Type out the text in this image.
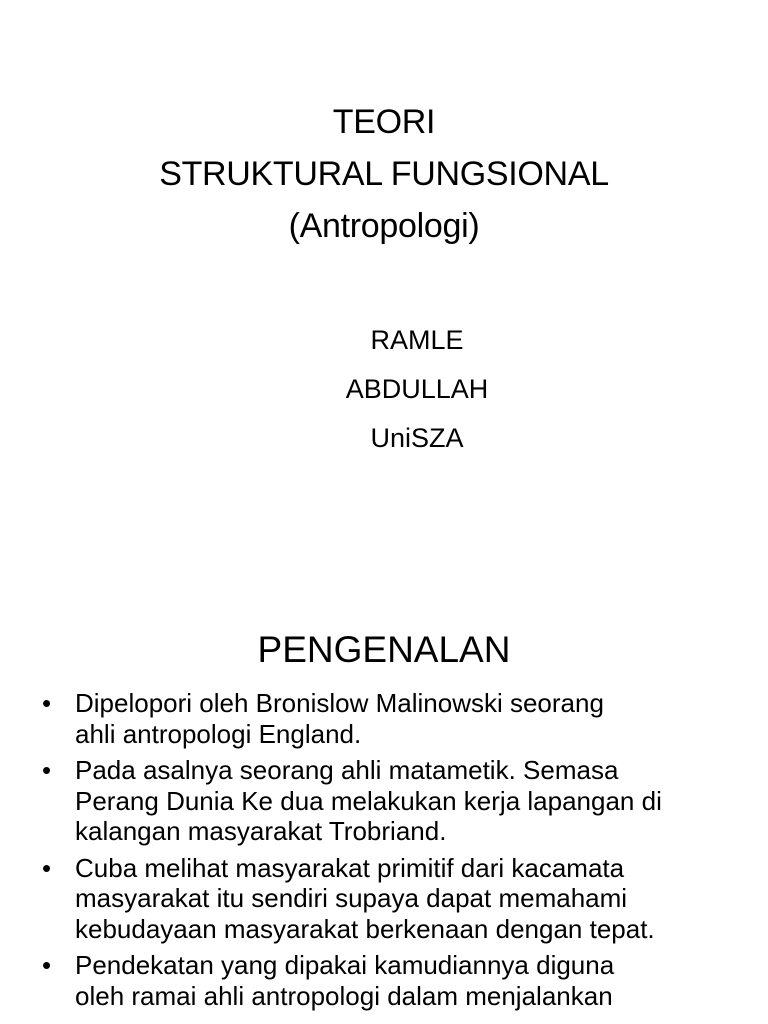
TEORI
STRUKTURAL FUNGSIONAL
(Antropologi)
RAMLE ABDULLAH
UniSZA
PENGENALAN
• Dipelopori oleh Bronislow Malinowski seorang
ahli antropologi England.
• Pada asalnya seorang ahli matametik. Semasa
Perang Dunia Ke dua melakukan kerja lapangan di
kalangan masyarakat Trobriand.
• Cuba melihat masyarakat primitif dari kacamata
masyarakat itu sendiri supaya dapat memahami
kebudayaan masyarakat berkenaan dengan tepat.
• Pendekatan yang dipakai kamudiannya diguna
oleh ramai ahli antropologi dalam menjalankan
